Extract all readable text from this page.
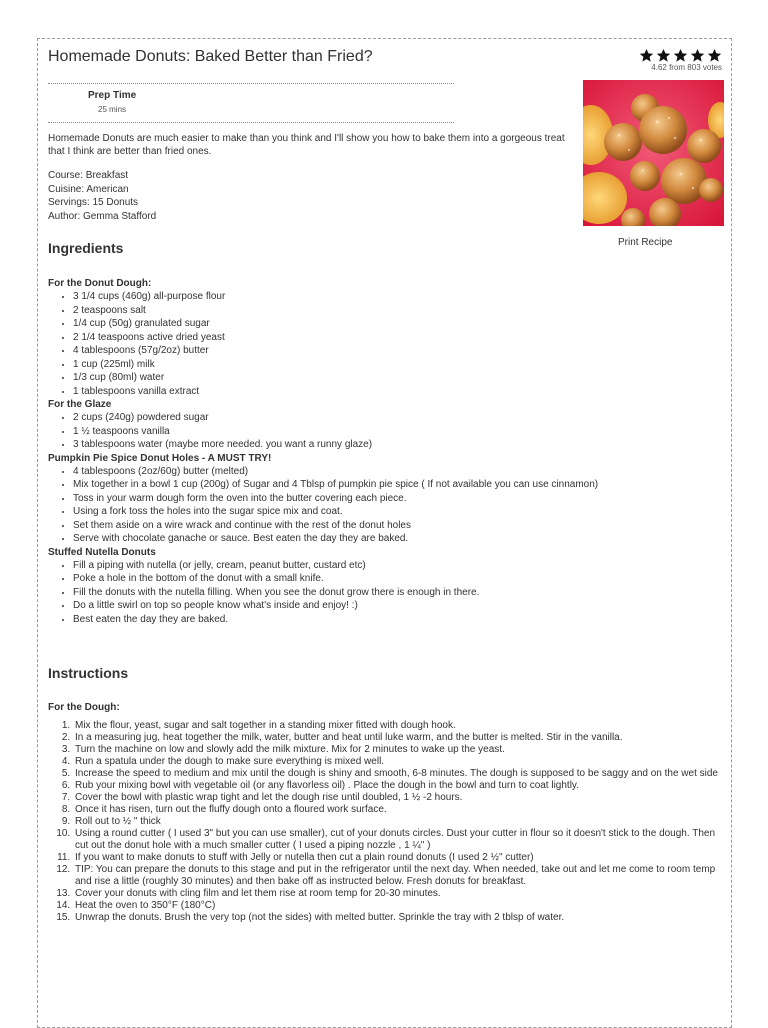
Homemade Donuts: Baked Better than Fried?
4.62 from 803 votes
Prep Time
25 mins
Print Recipe

Homemade Donuts are much easier to make than you think and I'll show you how to bake them into a gorgeous treat that I think are better than fried ones.

Course: Breakfast
Cuisine: American
Servings: 15 Donuts
Author: Gemma Stafford
Ingredients
For the Donut Dough:
• 3 1/4 cups (460g) all-purpose flour
• 2 teaspoons salt
• 1/4 cup (50g) granulated sugar
• 2 1/4 teaspoons active dried yeast
• 4 tablespoons (57g/2oz) butter
• 1 cup (225ml) milk
• 1/3 cup (80ml) water
• 1 tablespoons vanilla extract
For the Glaze
• 2 cups (240g) powdered sugar
• 1 ½ teaspoons vanilla
• 3 tablespoons water (maybe more needed. you want a runny glaze)
Pumpkin Pie Spice Donut Holes - A MUST TRY!
• 4 tablespoons (2oz/60g) butter (melted)
• Mix together in a bowl 1 cup (200g) of Sugar and 4 Tblsp of pumpkin pie spice ( If not available you can use cinnamon)
• Toss in your warm dough form the oven into the butter covering each piece.
• Using a fork toss the holes into the sugar spice mix and coat.
• Set them aside on a wire wrack and continue with the rest of the donut holes
• Serve with chocolate ganache or sauce. Best eaten the day they are baked.
Stuffed Nutella Donuts
• Fill a piping with nutella (or jelly, cream, peanut butter, custard etc)
• Poke a hole in the bottom of the donut with a small knife.
• Fill the donuts with the nutella filling. When you see the donut grow there is enough in there.
• Do a little swirl on top so people know what's inside and enjoy! :)
• Best eaten the day they are baked.
Instructions
For the Dough:
1. Mix the flour, yeast, sugar and salt together in a standing mixer fitted with dough hook.
2. In a measuring jug, heat together the milk, water, butter and heat until luke warm, and the butter is melted. Stir in the vanilla.
3. Turn the machine on low and slowly add the milk mixture. Mix for 2 minutes to wake up the yeast.
4. Run a spatula under the dough to make sure everything is mixed well.
5. Increase the speed to medium and mix until the dough is shiny and smooth, 6-8 minutes. The dough is supposed to be saggy and on the wet side
6. Rub your mixing bowl with vegetable oil (or any flavorless oil) . Place the dough in the bowl and turn to coat lightly.
7. Cover the bowl with plastic wrap tight and let the dough rise until doubled, 1 ½ -2 hours.
8. Once it has risen, turn out the fluffy dough onto a floured work surface.
9. Roll out to ½ " thick
10. Using a round cutter ( I used 3" but you can use smaller), cut of your donuts circles. Dust your cutter in flour so it doesn't stick to the dough. Then cut out the donut hole with a much smaller cutter ( I used a piping nozzle , 1 ¼" )
11. If you want to make donuts to stuff with Jelly or nutella then cut a plain round donuts (I used 2 ½" cutter)
12. TIP: You can prepare the donuts to this stage and put in the refrigerator until the next day. When needed, take out and let me come to room temp and rise a little (roughly 30 minutes) and then bake off as instructed below. Fresh donuts for breakfast.
13. Cover your donuts with cling film and let them rise at room temp for 20-30 minutes.
14. Heat the oven to 350°F (180°C)
15. Unwrap the donuts. Brush the very top (not the sides) with melted butter. Sprinkle the tray with 2 tblsp of water.
